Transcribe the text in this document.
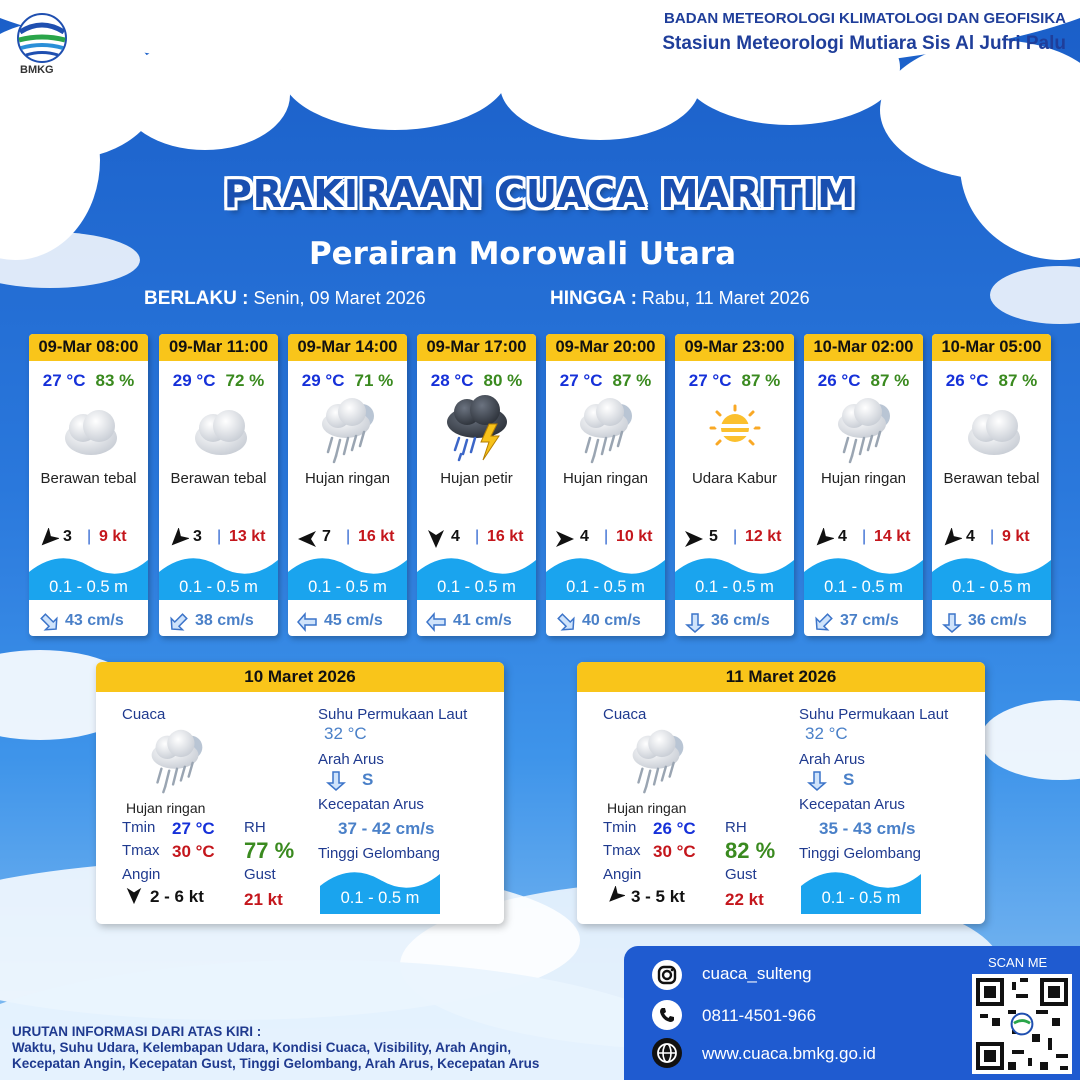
BMKG
BADAN METEOROLOGI KLIMATOLOGI DAN GEOFISIKA
Stasiun Meteorologi Mutiara Sis Al Jufri Palu
PRAKIRAAN CUACA MARITIM
Perairan Morowali Utara
BERLAKU : Senin, 09 Maret 2026	HINGGA : Rabu, 11 Maret 2026
09-Mar 08:00
27 °C 83 %
Berawan tebal
3 | 9 kt
0.1 - 0.5 m
43 cm/s
09-Mar 11:00
29 °C 72 %
Berawan tebal
3 | 13 kt
0.1 - 0.5 m
38 cm/s
09-Mar 14:00
29 °C 71 %
Hujan ringan
7 | 16 kt
0.1 - 0.5 m
45 cm/s
09-Mar 17:00
28 °C 80 %
Hujan petir
4 | 16 kt
0.1 - 0.5 m
41 cm/s
09-Mar 20:00
27 °C 87 %
Hujan ringan
4 | 10 kt
0.1 - 0.5 m
40 cm/s
09-Mar 23:00
27 °C 87 %
Udara Kabur
5 | 12 kt
0.1 - 0.5 m
36 cm/s
10-Mar 02:00
26 °C 87 %
Hujan ringan
4 | 14 kt
0.1 - 0.5 m
37 cm/s
10-Mar 05:00
26 °C 87 %
Berawan tebal
4 | 9 kt
0.1 - 0.5 m
36 cm/s
10 Maret 2026
Cuaca
Hujan ringan
Tmin 27 °C
Tmax 30 °C
Angin
2 - 6 kt
RH
77 %
Gust
21 kt
Suhu Permukaan Laut
32 °C
Arah Arus
S
Kecepatan Arus
37 - 42 cm/s
Tinggi Gelombang
0.1 - 0.5 m
11 Maret 2026
Cuaca
Hujan ringan
Tmin 26 °C
Tmax 30 °C
Angin
3 - 5 kt
RH
82 %
Gust
22 kt
Suhu Permukaan Laut
32 °C
Arah Arus
S
Kecepatan Arus
35 - 43 cm/s
Tinggi Gelombang
0.1 - 0.5 m
URUTAN INFORMASI DARI ATAS KIRI :
Waktu, Suhu Udara, Kelembapan Udara, Kondisi Cuaca, Visibility, Arah Angin,
Kecepatan Angin, Kecepatan Gust, Tinggi Gelombang, Arah Arus, Kecepatan Arus
cuaca_sulteng
0811-4501-966
www.cuaca.bmkg.go.id
SCAN ME
